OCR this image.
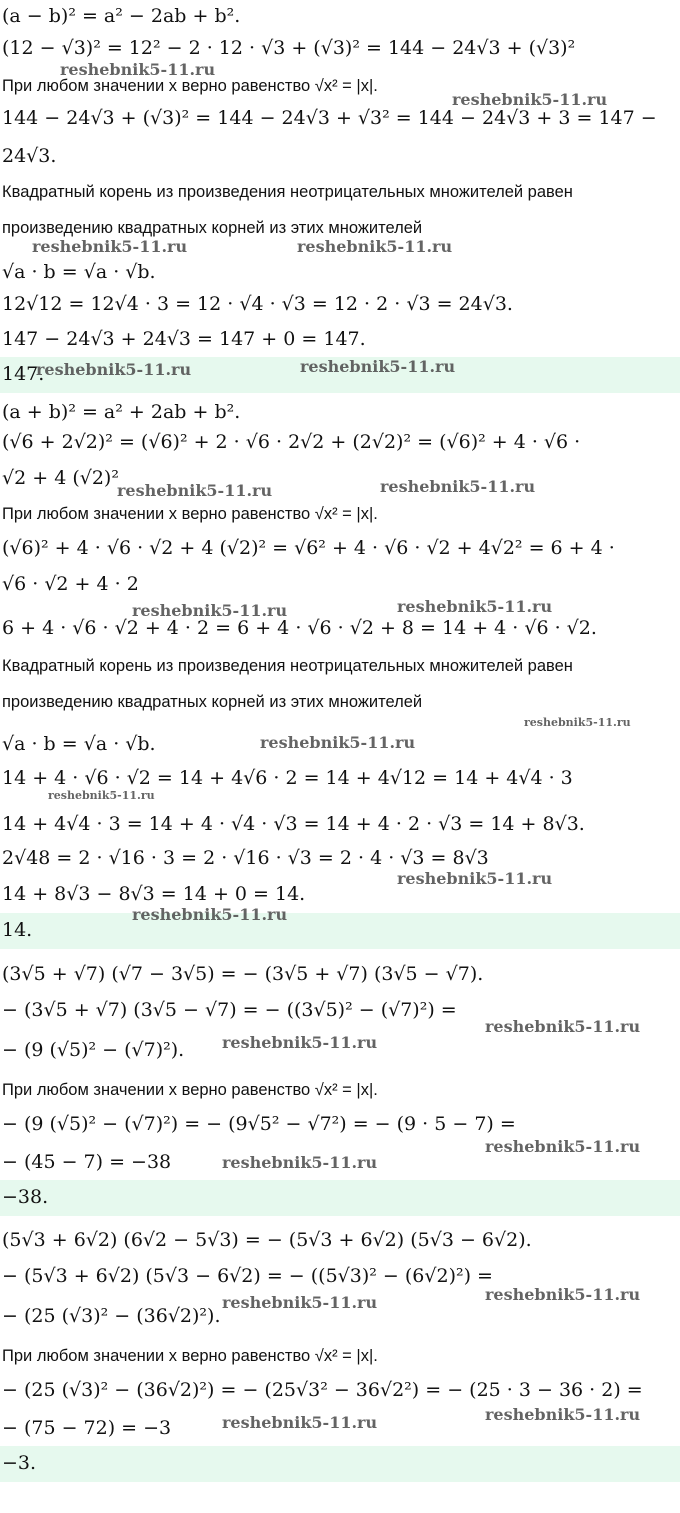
(a − b)² = a² − 2ab + b².
(12 − √3)² = 12² − 2 · 12 · √3 + (√3)² = 144 − 24√3 + (√3)²
При любом значении x верно равенство √x² = |x|.
144 − 24√3 + (√3)² = 144 − 24√3 + √3² = 144 − 24√3 + 3 = 147 −
24√3.
Квадратный корень из произведения неотрицательных множителей равен
произведению квадратных корней из этих множителей
√a · b = √a · √b.
12√12 = 12√4 · 3 = 12 · √4 · √3 = 12 · 2 · √3 = 24√3.
147 − 24√3 + 24√3 = 147 + 0 = 147.
147.
(a + b)² = a² + 2ab + b².
(√6 + 2√2)² = (√6)² + 2 · √6 · 2√2 + (2√2)² = (√6)² + 4 · √6 ·
√2 + 4 (√2)²
При любом значении x верно равенство √x² = |x|.
(√6)² + 4 · √6 · √2 + 4 (√2)² = √6² + 4 · √6 · √2 + 4√2² = 6 + 4 ·
√6 · √2 + 4 · 2
6 + 4 · √6 · √2 + 4 · 2 = 6 + 4 · √6 · √2 + 8 = 14 + 4 · √6 · √2.
Квадратный корень из произведения неотрицательных множителей равен
произведению квадратных корней из этих множителей
√a · b = √a · √b.
14 + 4 · √6 · √2 = 14 + 4√6 · 2 = 14 + 4√12 = 14 + 4√4 · 3
14 + 4√4 · 3 = 14 + 4 · √4 · √3 = 14 + 4 · 2 · √3 = 14 + 8√3.
2√48 = 2 · √16 · 3 = 2 · √16 · √3 = 2 · 4 · √3 = 8√3
14 + 8√3 − 8√3 = 14 + 0 = 14.
14.
(3√5 + √7) (√7 − 3√5) = − (3√5 + √7) (3√5 − √7).
− (3√5 + √7) (3√5 − √7) = − ((3√5)² − (√7)²) =
− (9 (√5)² − (√7)²).
При любом значении x верно равенство √x² = |x|.
− (9 (√5)² − (√7)²) = − (9√5² − √7²) = − (9 · 5 − 7) =
− (45 − 7) = −38
−38.
(5√3 + 6√2) (6√2 − 5√3) = − (5√3 + 6√2) (5√3 − 6√2).
− (5√3 + 6√2) (5√3 − 6√2) = − ((5√3)² − (6√2)²) =
− (25 (√3)² − (36√2)²).
При любом значении x верно равенство √x² = |x|.
− (25 (√3)² − (36√2)²) = − (25√3² − 36√2²) = − (25 · 3 − 36 · 2) =
− (75 − 72) = −3
−3.
reshebnik5-11.ru
reshebnik5-11.ru
reshebnik5-11.ru	reshebnik5-11.ru
reshebnik5-11.ru	reshebnik5-11.ru
reshebnik5-11.ru	reshebnik5-11.ru
reshebnik5-11.ru	reshebnik5-11.ru
reshebnik5-11.ru
reshebnik5-11.ru
reshebnik5-11.ru
reshebnik5-11.ru
reshebnik5-11.ru
reshebnik5-11.ru
reshebnik5-11.ru
reshebnik5-11.ru
reshebnik5-11.ru
reshebnik5-11.ru
reshebnik5-11.ru
reshebnik5-11.ru
reshebnik5-11.ru
